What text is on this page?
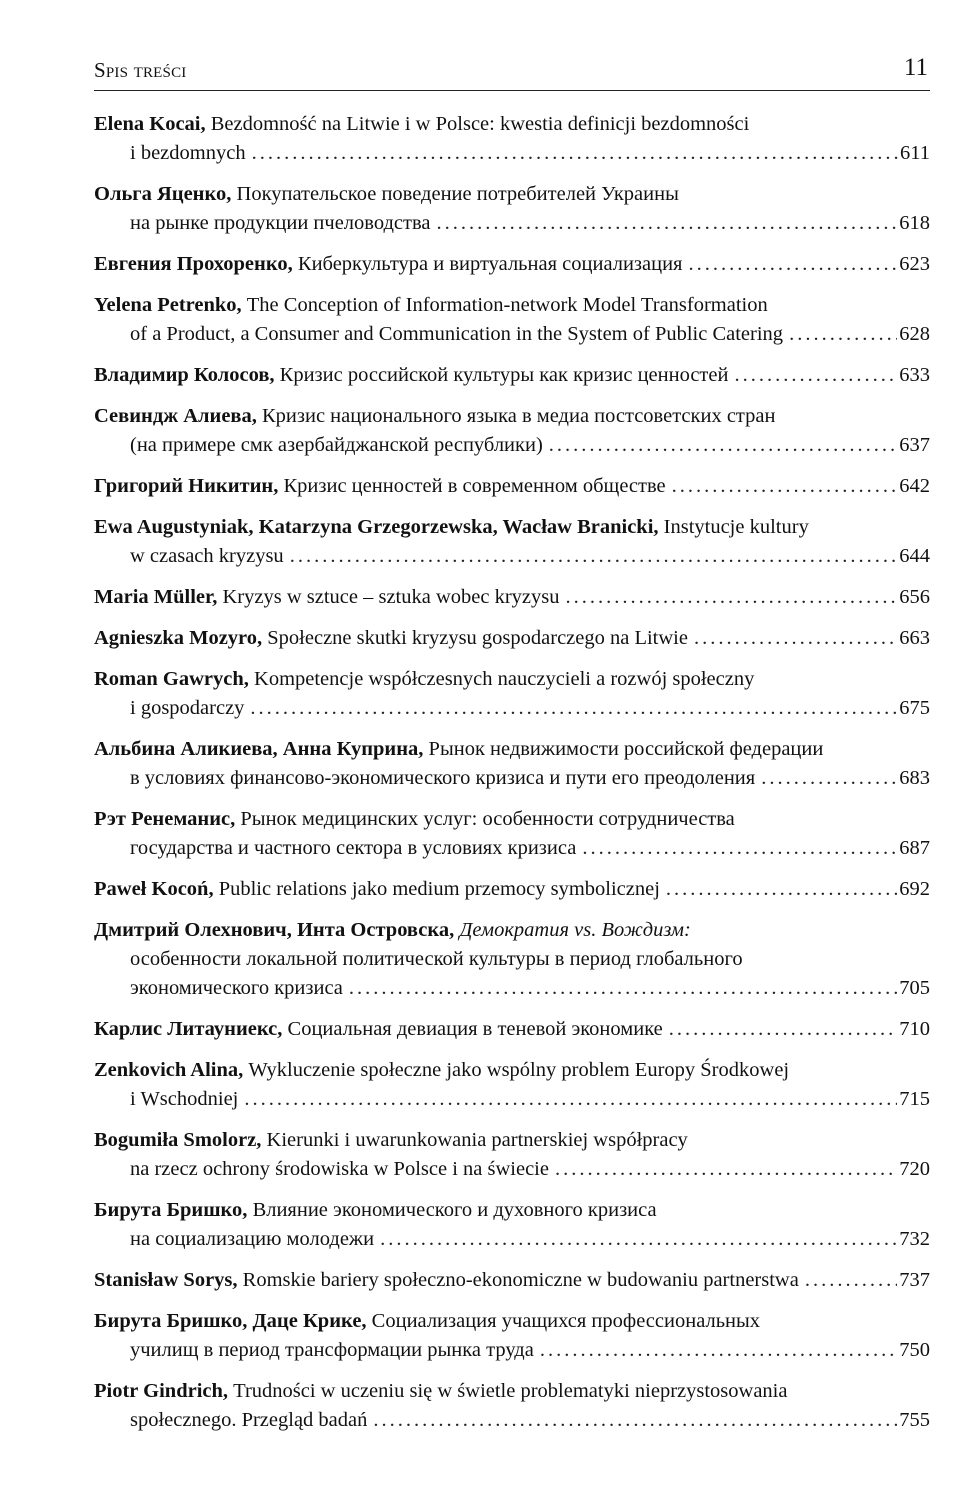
Spis treści	11
Elena Kocai,
Bezdomność na Litwie i w Polsce: kwestia definicji bezdomności
i bezdomnych .....	611
Ольга Яценко,
Покупательское поведение потребителей Украины
на рынке продукции пчеловодства .....	618
Евгения Прохоренко,
Киберкультура и виртуальная социализация .....	623
Yelena Petrenko,
The Conception of Information-network Model Transformation
of a Product, a Consumer and Communication in the System of Public Catering .....	628
Владимир Колосов,
Кризис российской культуры как кризис ценностей .....	633
Севиндж Алиева,
Кризис национального языка в медиа постсоветских стран
(на примере смк азербайджанской республики) .....	637
Григорий Никитин,
Кризис ценностей в современном обществе .....	642
Ewa Augustyniak, Katarzyna Grzegorzewska, Wacław Branicki,
Instytucje kultury
w czasach kryzysu .....	644
Maria Müller,
Kryzys w sztuce – sztuka wobec kryzysu .....	656
Agnieszka Mozyro,
Społeczne skutki kryzysu gospodarczego na Litwie .....	663
Roman Gawrych,
Kompetencje współczesnych nauczycieli a rozwój społeczny
i gospodarczy .....	675
Альбина Аликиева, Анна Куприна,
Рынок недвижимости российской федерации
в условиях финансово-экономического кризиса и пути его преодоления .....	683
Рэт Ренеманис,
Рынок медицинских услуг: особенности сотрудничества
государства и частного сектора в условиях кризиса .....	687
Paweł Kocoń,
Public relations jako medium przemocy symbolicznej .....	692
Дмитрий Олехнович, Инта Островска,
Демократия vs. Вождизм:
особенности локальной политической культуры в период глобального
экономического кризиса .....	705
Карлис Литауниекс,
Социальная девиация в теневой экономике .....	710
Zenkovich Alina,
Wykluczenie społeczne jako wspólny problem Europy Środkowej
i Wschodniej .....	715
Bogumiła Smolorz,
Kierunki i uwarunkowania partnerskiej współpracy
na rzecz ochrony środowiska w Polsce i na świecie .....	720
Бирута Бришко,
Влияние экономического и духовного кризиса
на социализацию молодежи .....	732
Stanisław Sorys,
Romskie bariery społeczno-ekonomiczne w budowaniu partnerstwa .....	737
Бирута Бришко, Даце Крике,
Социализация учащихся профессиональных
училищ в период трансформации рынка труда .....	750
Piotr Gindrich,
Trudności w uczeniu się w świetle problematyki nieprzystosowania
społecznego. Przegląd badań .....	755
